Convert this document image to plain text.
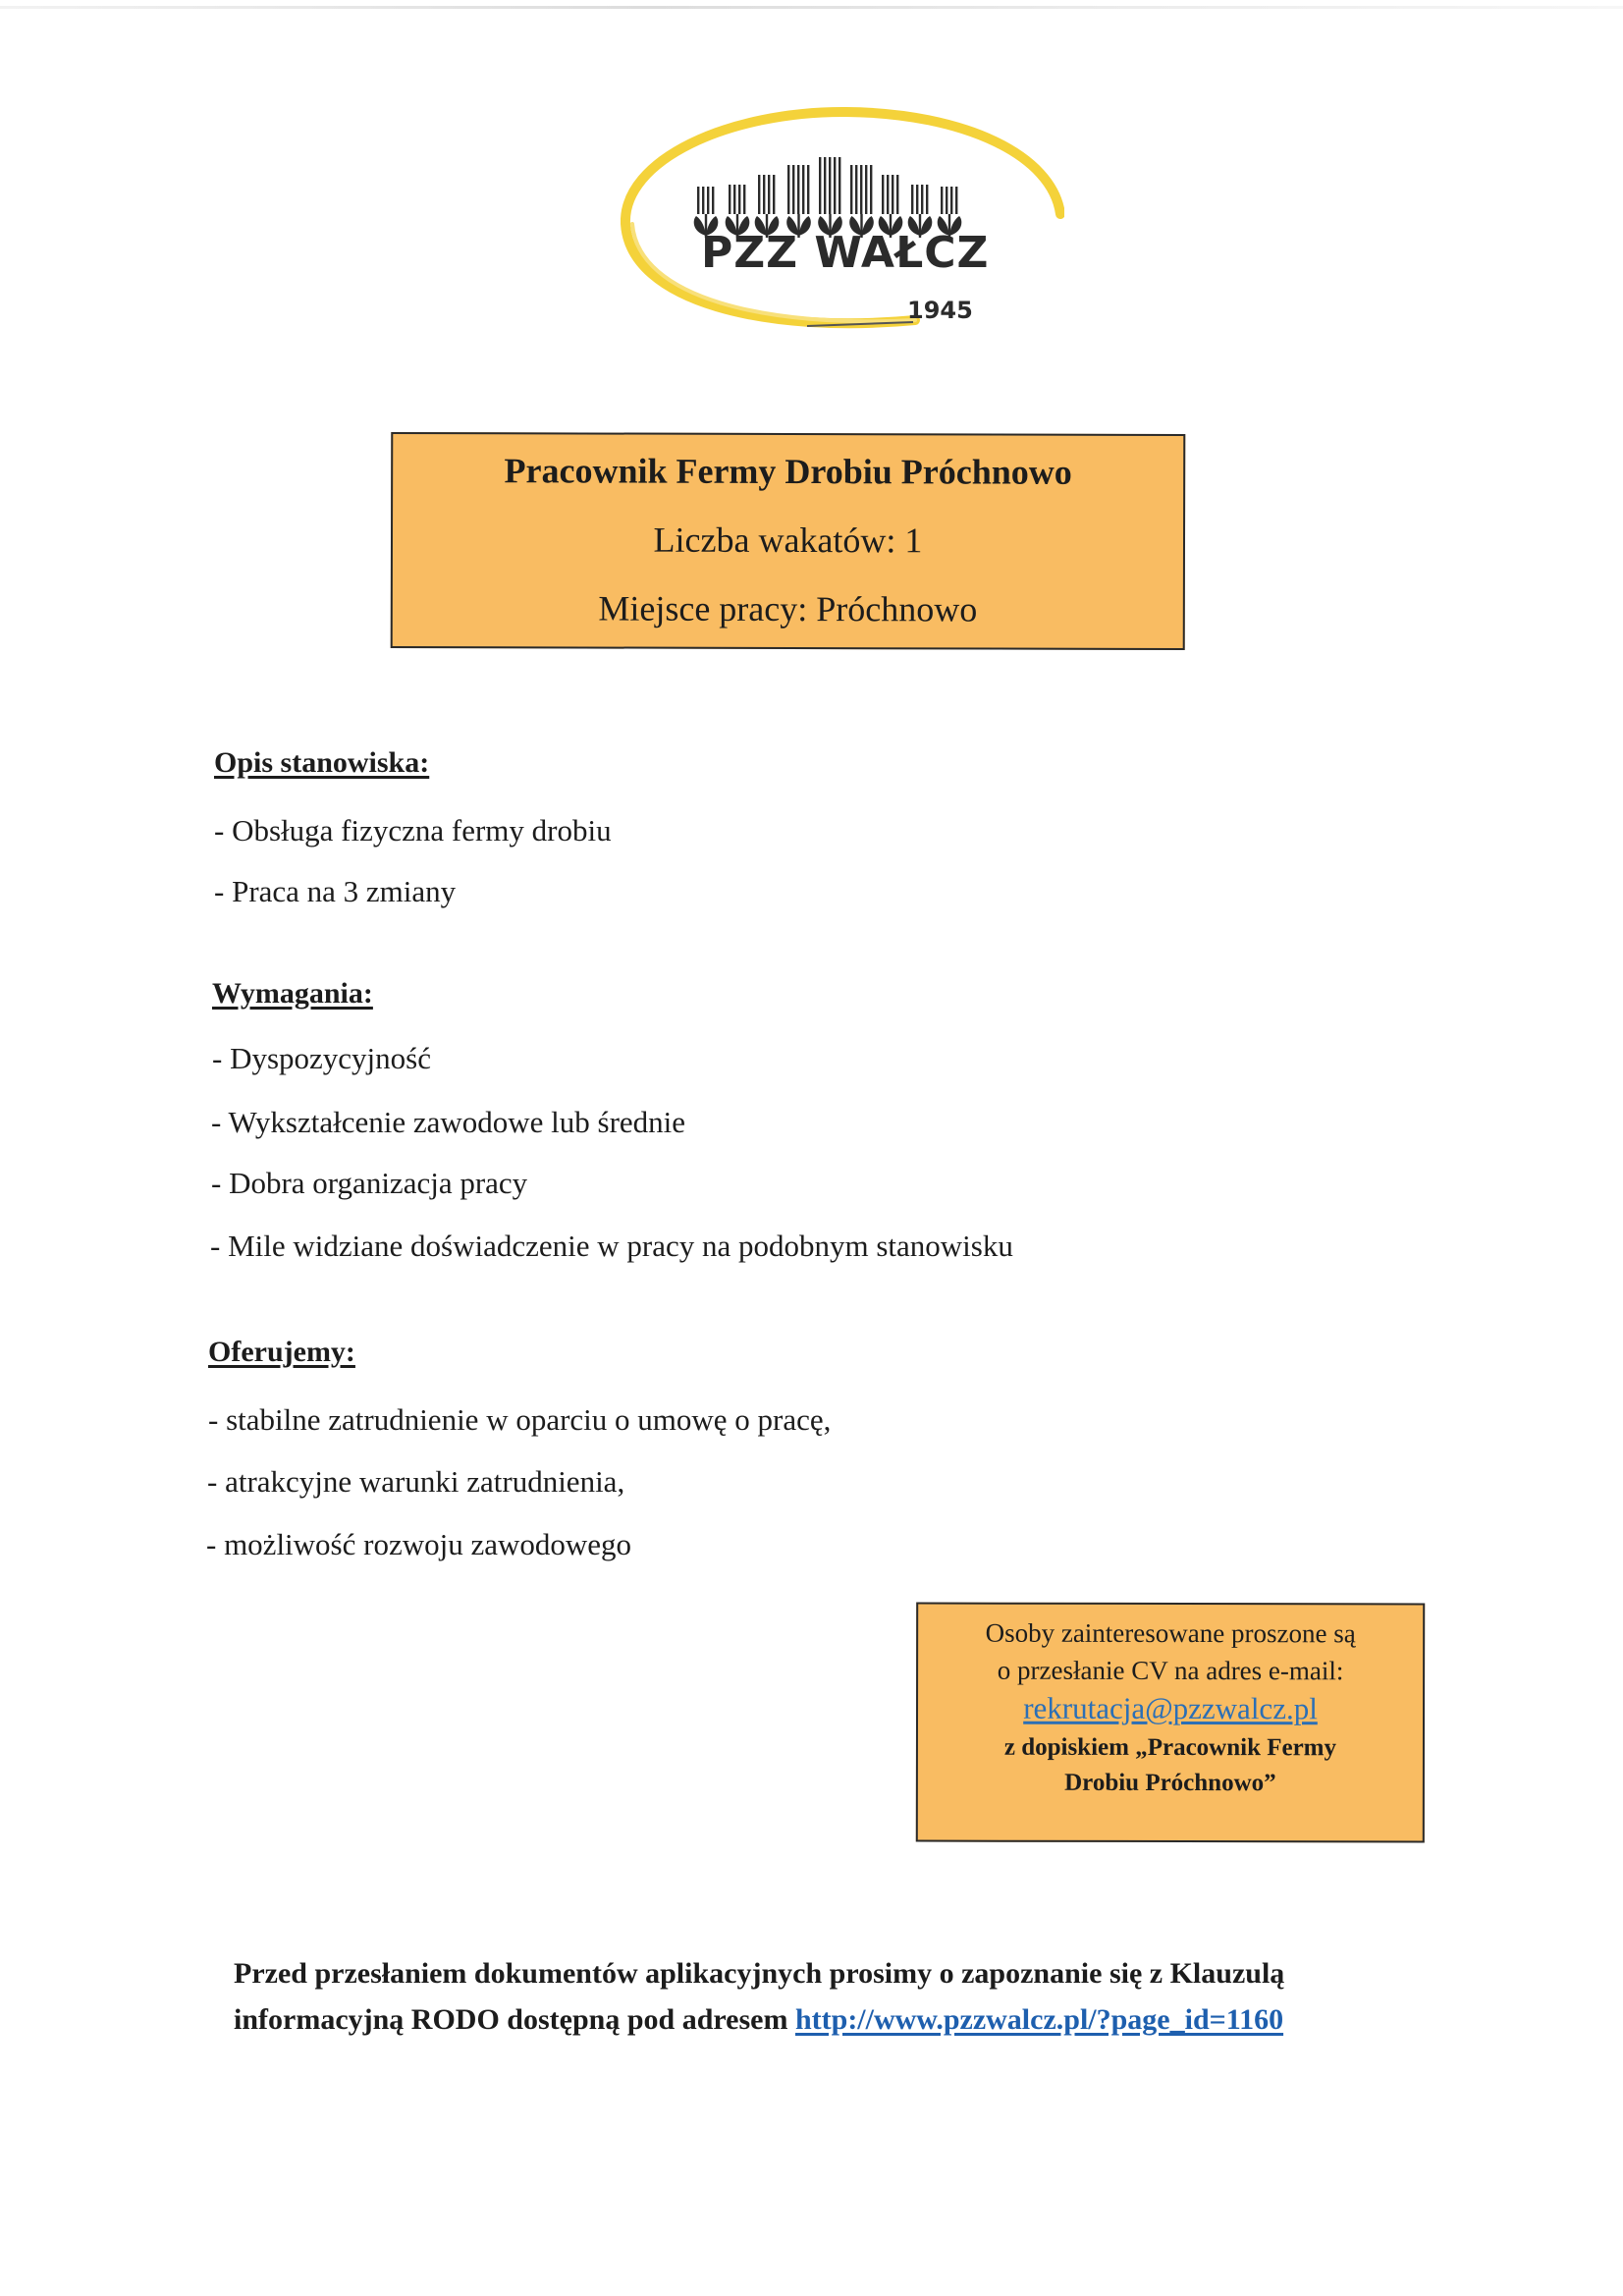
PZZ WAŁCZ
1945
Pracownik Fermy Drobiu Próchnowo
Liczba wakatów: 1
Miejsce pracy: Próchnowo
Opis stanowiska:
- Obsługa fizyczna fermy drobiu
- Praca na 3 zmiany
Wymagania:
- Dyspozycyjność
- Wykształcenie zawodowe lub średnie
- Dobra organizacja pracy
- Mile widziane doświadczenie w pracy na podobnym stanowisku
Oferujemy:
- stabilne zatrudnienie w oparciu o umowę o pracę,
- atrakcyjne warunki zatrudnienia,
- możliwość rozwoju zawodowego
Osoby zainteresowane proszone są
o przesłanie CV na adres e-mail:
rekrutacja@pzzwalcz.pl
z dopiskiem „Pracownik Fermy
Drobiu Próchnowo”
Przed przesłaniem dokumentów aplikacyjnych prosimy o zapoznanie się z Klauzulą
informacyjną RODO dostępną pod adresem http://www.pzzwalcz.pl/?page_id=1160
